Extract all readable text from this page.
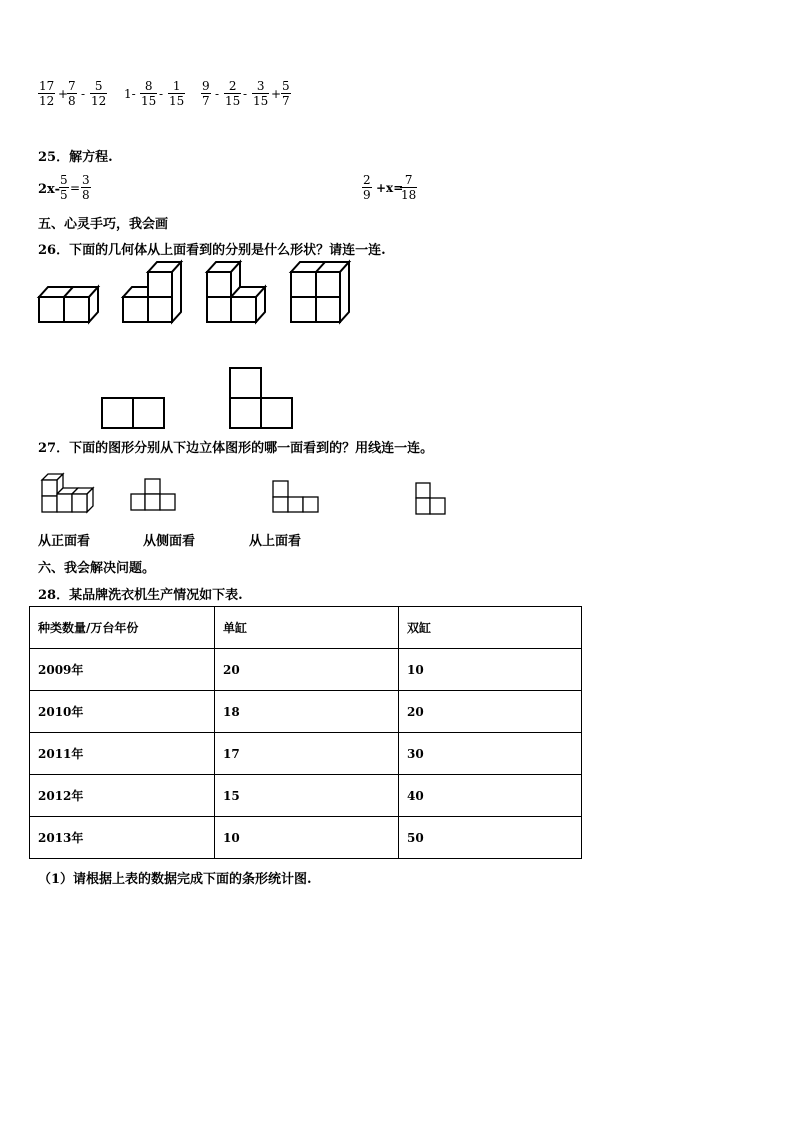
$\frac{17}{12}$ +
$\frac{7}{8} - \frac{5}{12} 1- \frac{8}{15} - \frac{1}{15} \frac{9}{7} - \frac{2}{15} - \frac{3}{15} + \frac{5}{7}$
25．解方程.
$2x- \frac{5}{5} = \frac{3}{8}$	$\frac{2}{9} +x=$
$\frac{7}{18}$
五、心灵手巧，我会画
26．下面的几何体从上面看到的分别是什么形状？请连一连.
27．下面的图形分别从下边立体图形的哪一面看到的？用线连一连。
从正面看	从侧面看	从上面看
六、我会解决问题。
28．某品牌洗衣机生产情况如下表.
种类数量/万台年份	单缸	双缸
2009年	20	10
2010年	18	20
2011年	17	30
2012年	15	40
2013年	10	50
（1）请根据上表的数据完成下面的条形统计图.
